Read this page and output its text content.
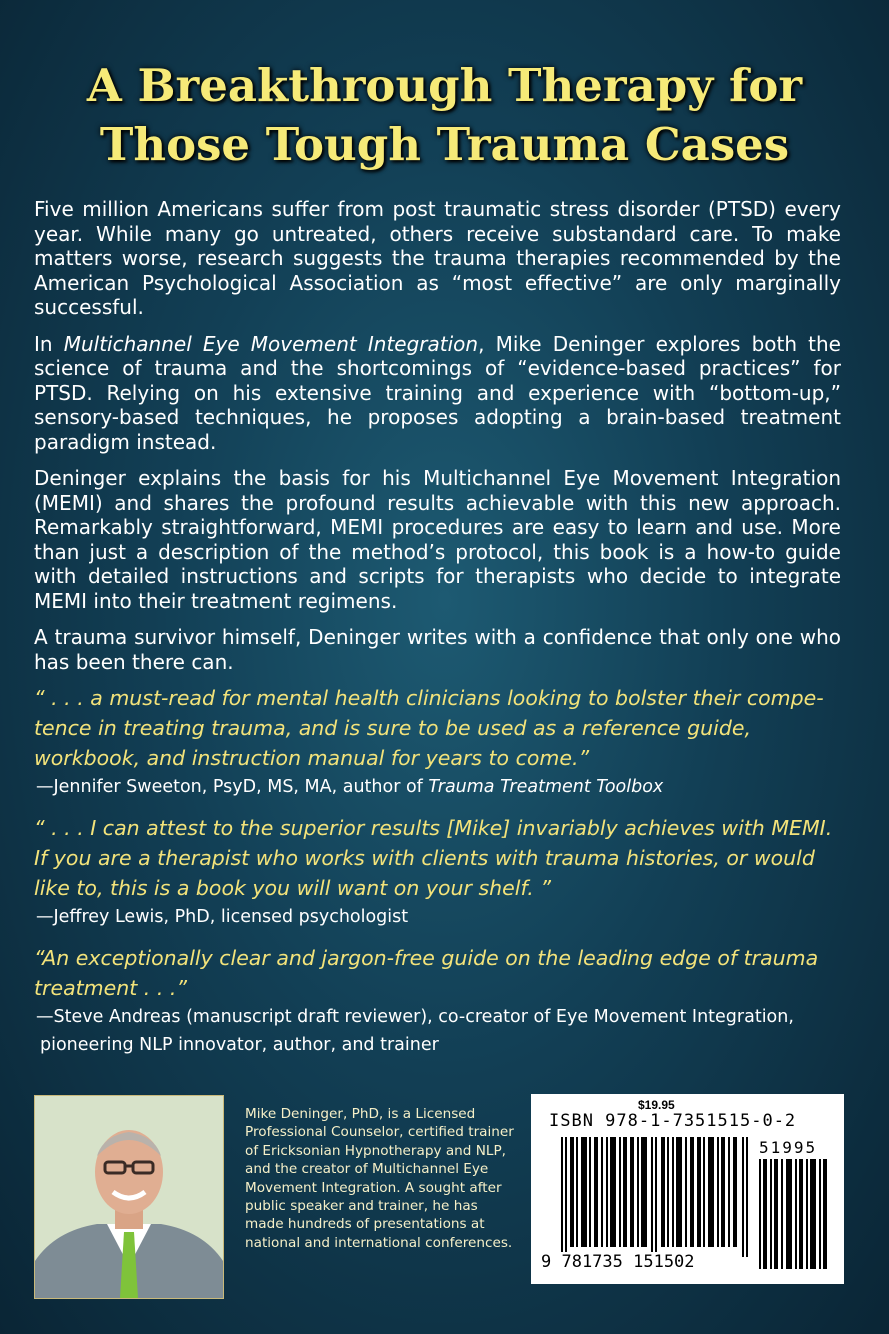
A Breakthrough Therapy for
Those Tough Trauma Cases

Five million Americans suffer from post traumatic stress disorder (PTSD) every year. While many go untreated, others receive substandard care. To make matters worse, research suggests the trauma therapies recommended by the American Psychological Association as “most effective” are only marginally successful.

In Multichannel Eye Movement Integration, Mike Deninger explores both the science of trauma and the shortcomings of “evidence-based practices” for PTSD. Relying on his extensive training and experience with “bottom-up,” sensory-based techniques, he proposes adopting a brain-based treatment paradigm instead.

Deninger explains the basis for his Multichannel Eye Movement Integration (MEMI) and shares the profound results achievable with this new approach. Remarkably straightforward, MEMI procedures are easy to learn and use. More than just a description of the method’s protocol, this book is a how-to guide with detailed instructions and scripts for therapists who decide to integrate MEMI into their treatment regimens.

A trauma survivor himself, Deninger writes with a confidence that only one who has been there can.

“ . . . a must-read for mental health clinicians looking to bolster their compe-tence in treating trauma, and is sure to be used as a reference guide, workbook, and instruction manual for years to come.”
—Jennifer Sweeton, PsyD, MS, MA, author of Trauma Treatment Toolbox
“ . . . I can attest to the superior results [Mike] invariably achieves with MEMI. If you are a therapist who works with clients with trauma histories, or would like to, this is a book you will want on your shelf. ”
—Jeffrey Lewis, PhD, licensed psychologist
“An exceptionally clear and jargon-free guide on the leading edge of trauma treatment . . .”
—Steve Andreas (manuscript draft reviewer), co-creator of Eye Movement Integration,
pioneering NLP innovator, author, and trainer
Mike Deninger, PhD, is a Licensed Professional Counselor, certified trainer of Ericksonian Hypnotherapy and NLP, and the creator of Multichannel Eye Movement Integration. A sought after public speaker and trainer, he has made hundreds of presentations at national and international conferences.
$19.95
ISBN 978-1-7351515-0-2
51995
9 781735 151502
